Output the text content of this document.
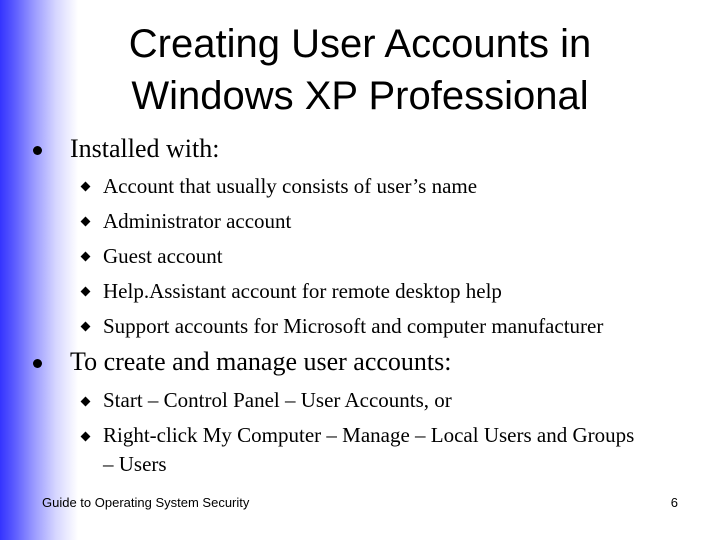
Creating User Accounts in
Windows XP Professional
Installed with:
Account that usually consists of user’s name
Administrator account
Guest account
Help.Assistant account for remote desktop help
Support accounts for Microsoft and computer manufacturer
To create and manage user accounts:
Start – Control Panel – User Accounts, or
Right-click My Computer – Manage – Local Users and Groups – Users
Guide to Operating System Security	6
